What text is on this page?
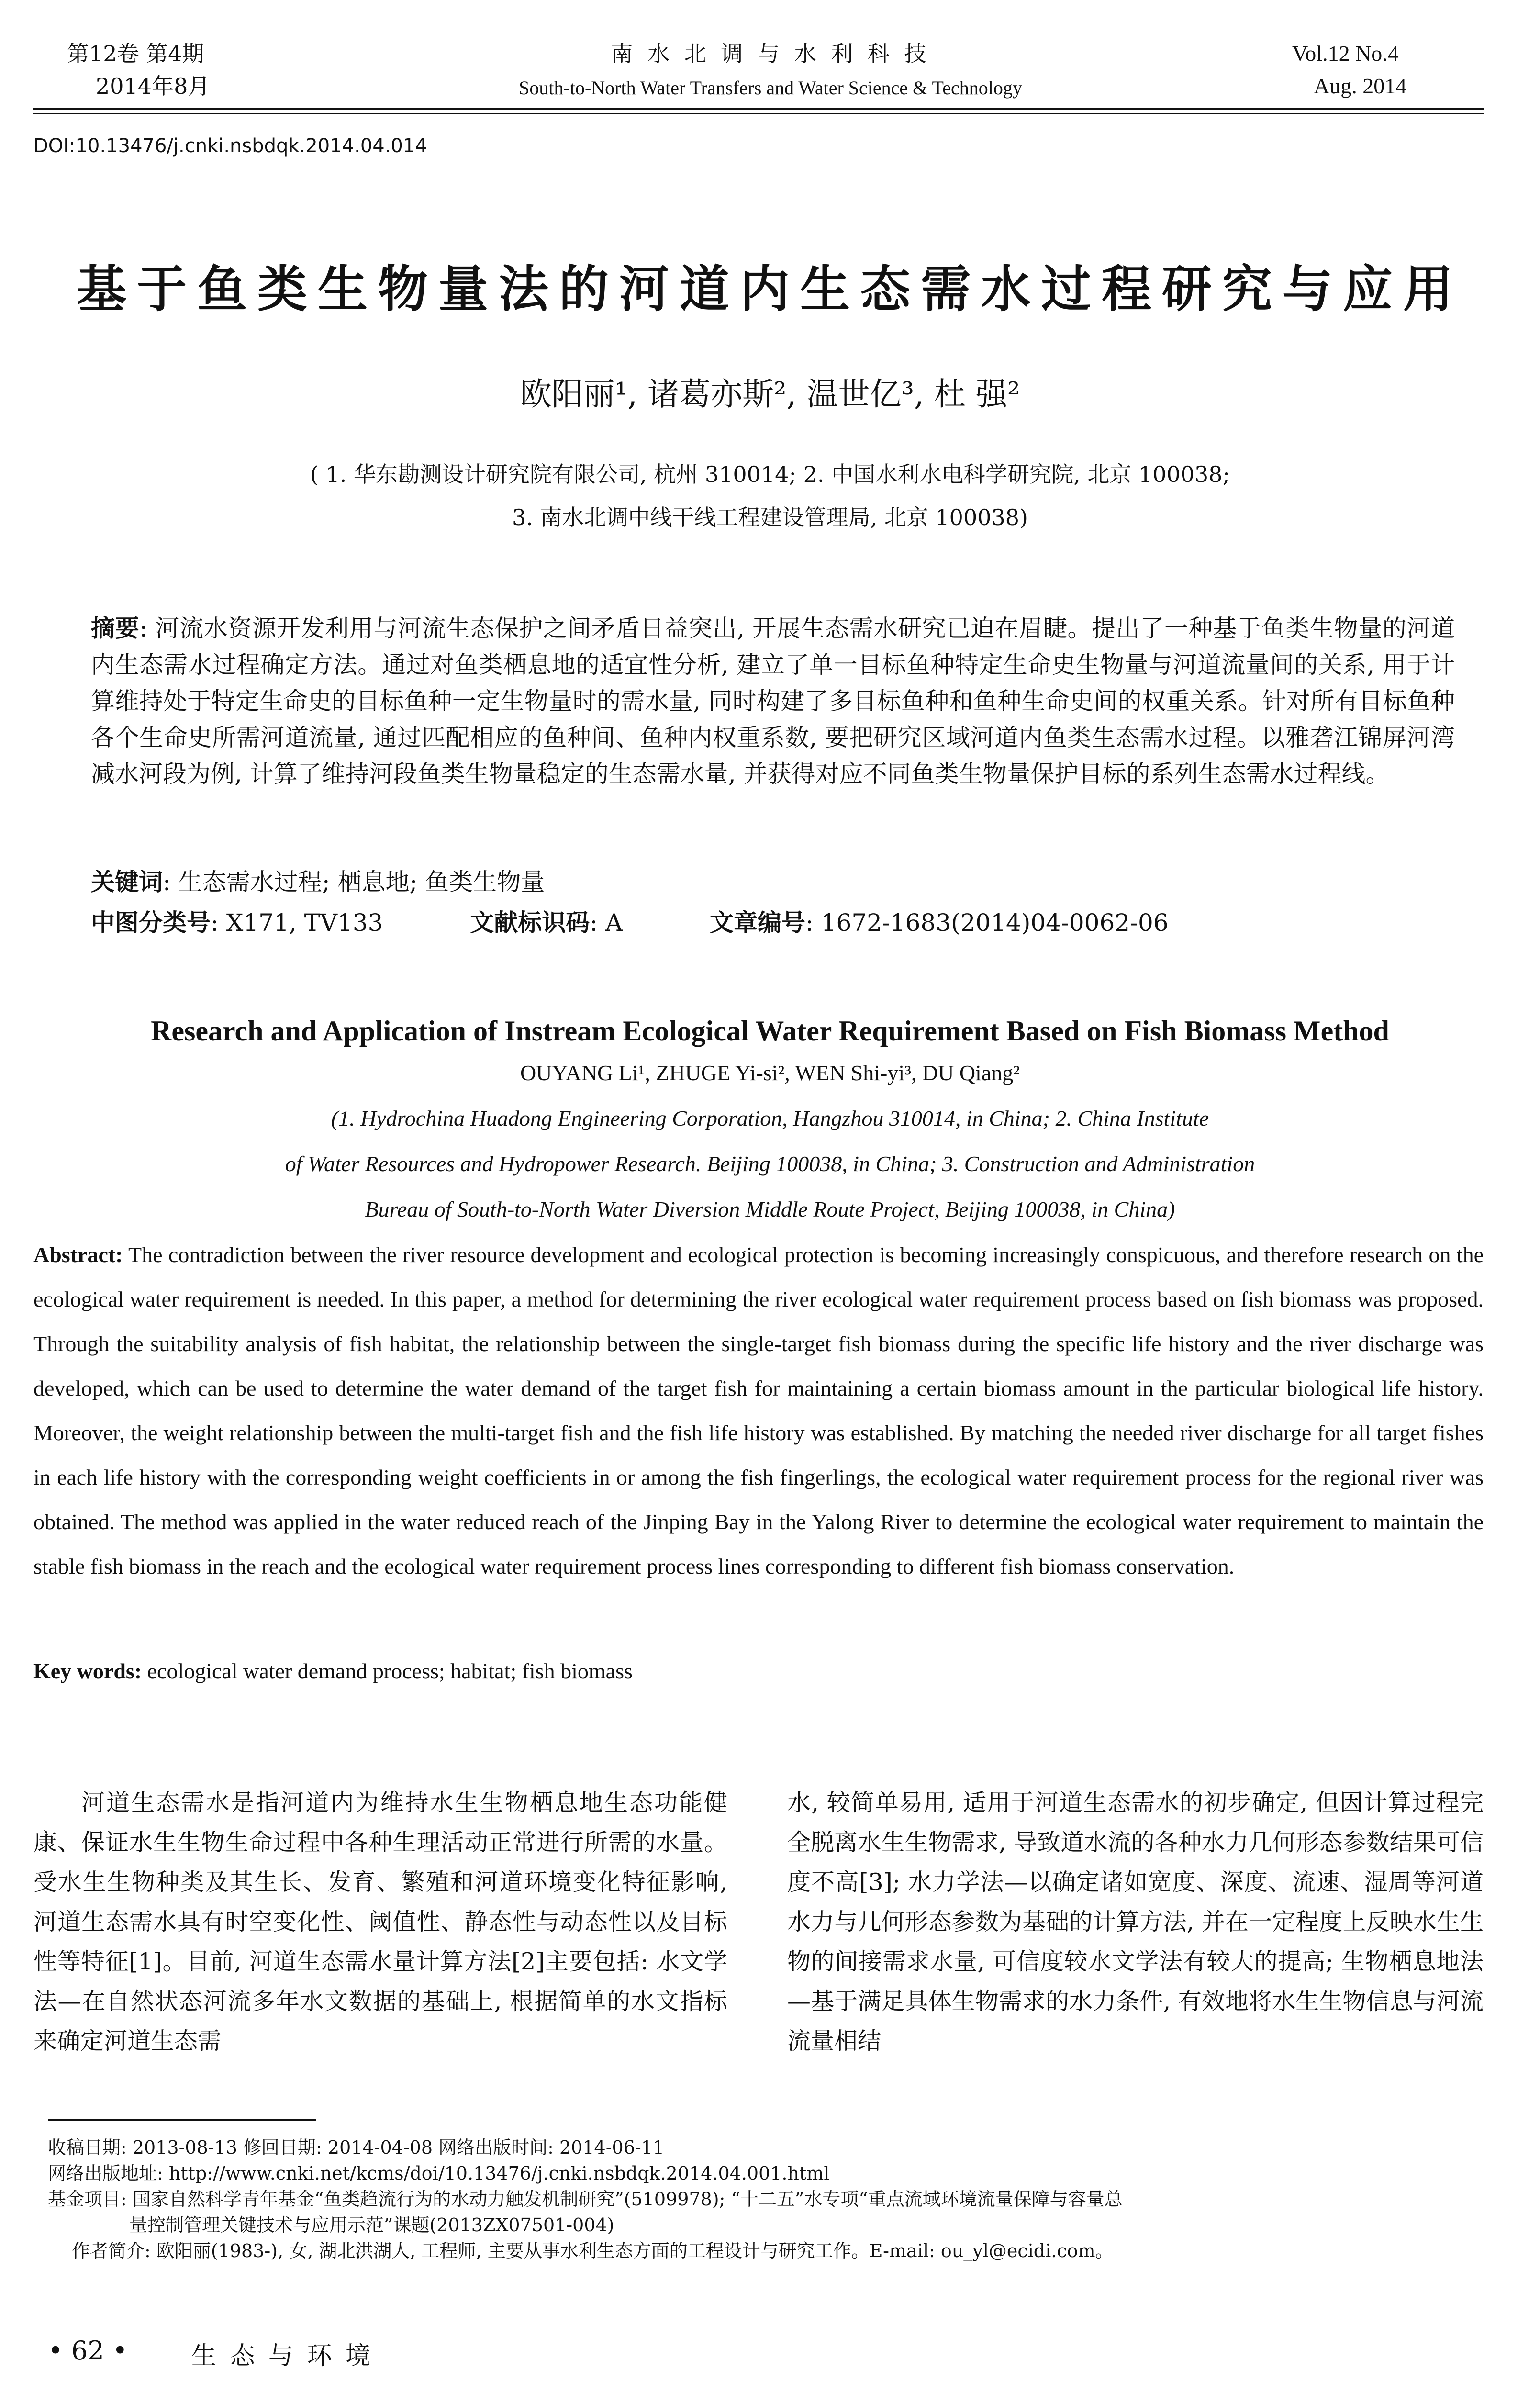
第12卷 第4期
2014年8月
南 水 北 调 与 水 利 科 技
South-to-North Water Transfers and Water Science & Technology
Vol.12 No.4
Aug. 2014
DOI:10.13476/j.cnki.nsbdqk.2014.04.014
基于鱼类生物量法的河道内生态需水过程研究与应用
欧阳丽¹, 诸葛亦斯², 温世亿³, 杜 强²
( 1. 华东勘测设计研究院有限公司, 杭州 310014; 2. 中国水利水电科学研究院, 北京 100038;
3. 南水北调中线干线工程建设管理局, 北京 100038)
摘要: 河流水资源开发利用与河流生态保护之间矛盾日益突出, 开展生态需水研究已迫在眉睫。提出了一种基于鱼类生物量的河道内生态需水过程确定方法。通过对鱼类栖息地的适宜性分析, 建立了单一目标鱼种特定生命史生物量与河道流量间的关系, 用于计算维持处于特定生命史的目标鱼种一定生物量时的需水量, 同时构建了多目标鱼种和鱼种生命史间的权重关系。针对所有目标鱼种各个生命史所需河道流量, 通过匹配相应的鱼种间、鱼种内权重系数, 要把研究区域河道内鱼类生态需水过程。以雅砻江锦屏河湾减水河段为例, 计算了维持河段鱼类生物量稳定的生态需水量, 并获得对应不同鱼类生物量保护目标的系列生态需水过程线。
关键词: 生态需水过程; 栖息地; 鱼类生物量
中图分类号: X171, TV133	文献标识码: A	文章编号: 1672-1683(2014)04-0062-06
Research and Application of Instream Ecological Water Requirement Based on Fish Biomass Method
OUYANG Li¹, ZHUGE Yi-si², WEN Shi-yi³, DU Qiang²
(1. Hydrochina Huadong Engineering Corporation, Hangzhou 310014, in China; 2. China Institute
of Water Resources and Hydropower Research. Beijing 100038, in China; 3. Construction and Administration
Bureau of South-to-North Water Diversion Middle Route Project, Beijing 100038, in China)
Abstract: The contradiction between the river resource development and ecological protection is becoming increasingly conspicuous, and therefore research on the ecological water requirement is needed. In this paper, a method for determining the river ecological water requirement process based on fish biomass was proposed. Through the suitability analysis of fish habitat, the relationship between the single-target fish biomass during the specific life history and the river discharge was developed, which can be used to determine the water demand of the target fish for maintaining a certain biomass amount in the particular biological life history. Moreover, the weight relationship between the multi-target fish and the fish life history was established. By matching the needed river discharge for all target fishes in each life history with the corresponding weight coefficients in or among the fish fingerlings, the ecological water requirement process for the regional river was obtained. The method was applied in the water reduced reach of the Jinping Bay in the Yalong River to determine the ecological water requirement to maintain the stable fish biomass in the reach and the ecological water requirement process lines corresponding to different fish biomass conservation.
Key words: ecological water demand process; habitat; fish biomass
河道生态需水是指河道内为维持水生生物栖息地生态功能健康、保证水生生物生命过程中各种生理活动正常进行所需的水量。受水生生物种类及其生长、发育、繁殖和河道环境变化特征影响, 河道生态需水具有时空变化性、阈值性、静态性与动态性以及目标性等特征[1]。目前, 河道生态需水量计算方法[2]主要包括: 水文学法—在自然状态河流多年水文数据的基础上, 根据简单的水文指标来确定河道生态需
水, 较简单易用, 适用于河道生态需水的初步确定, 但因计算过程完全脱离水生生物需求, 导致道水流的各种水力几何形态参数结果可信度不高[3]; 水力学法—以确定诸如宽度、深度、流速、湿周等河道水力与几何形态参数为基础的计算方法, 并在一定程度上反映水生生物的间接需求水量, 可信度较水文学法有较大的提高; 生物栖息地法—基于满足具体生物需求的水力条件, 有效地将水生生物信息与河流流量相结
收稿日期: 2013-08-13 修回日期: 2014-04-08 网络出版时间: 2014-06-11
网络出版地址: http://www.cnki.net/kcms/doi/10.13476/j.cnki.nsbdqk.2014.04.001.html
基金项目: 国家自然科学青年基金“鱼类趋流行为的水动力触发机制研究”(5109978); “十二五”水专项“重点流域环境流量保障与容量总
量控制管理关键技术与应用示范”课题(2013ZX07501-004)
作者简介: 欧阳丽(1983-), 女, 湖北洪湖人, 工程师, 主要从事水利生态方面的工程设计与研究工作。E-mail: ou_yl@ecidi.com。
• 62 •	生 态 与 环 境
